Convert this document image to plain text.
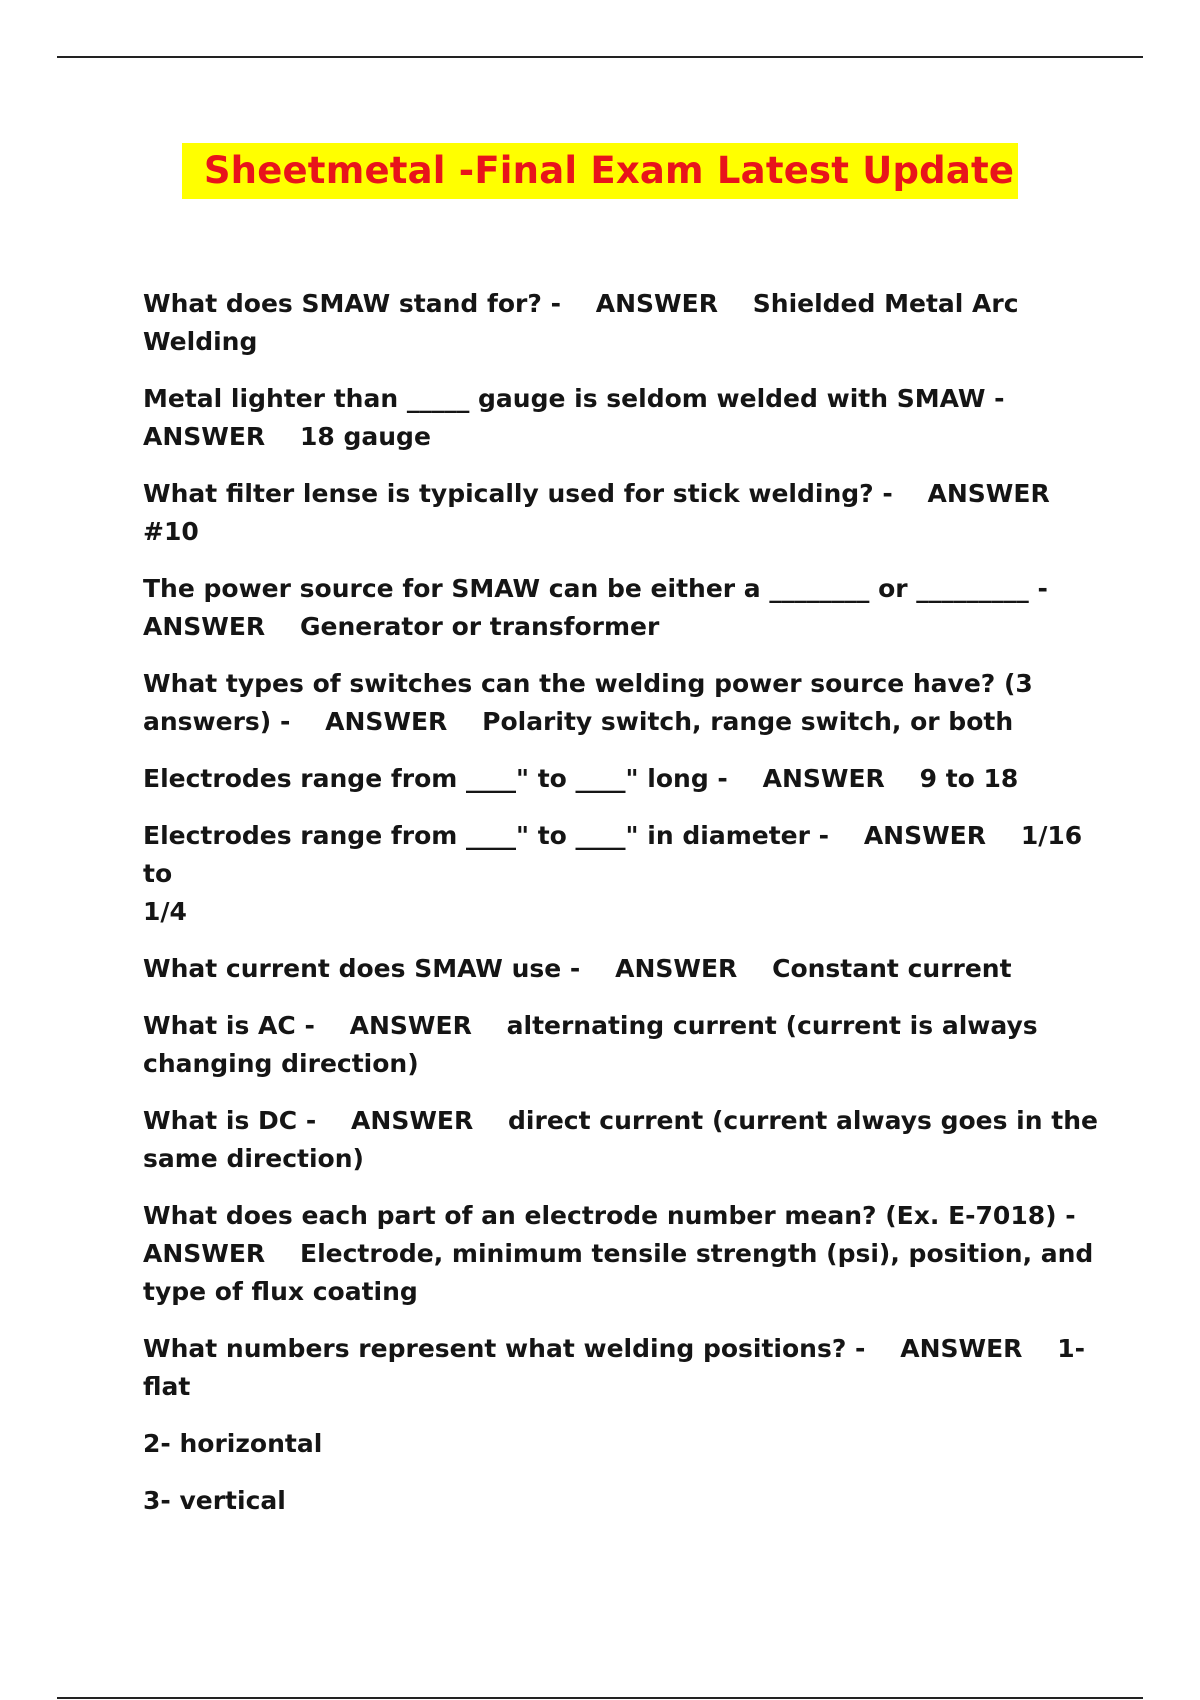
Sheetmetal -Final Exam Latest Update

What does SMAW stand for? -    ANSWER    Shielded Metal Arc
Welding

Metal lighter than _____ gauge is seldom welded with SMAW -
ANSWER    18 gauge

What filter lense is typically used for stick welding? -    ANSWER    #10

The power source for SMAW can be either a ________ or _________ -
ANSWER    Generator or transformer

What types of switches can the welding power source have? (3
answers) -    ANSWER    Polarity switch, range switch, or both

Electrodes range from ____" to ____" long -    ANSWER    9 to 18

Electrodes range from ____" to ____" in diameter -    ANSWER    1/16 to
1/4

What current does SMAW use -    ANSWER    Constant current

What is AC -    ANSWER    alternating current (current is always
changing direction)

What is DC -    ANSWER    direct current (current always goes in the
same direction)

What does each part of an electrode number mean? (Ex. E-7018) -
ANSWER    Electrode, minimum tensile strength (psi), position, and
type of flux coating

What numbers represent what welding positions? -    ANSWER    1-
flat

2- horizontal

3- vertical
